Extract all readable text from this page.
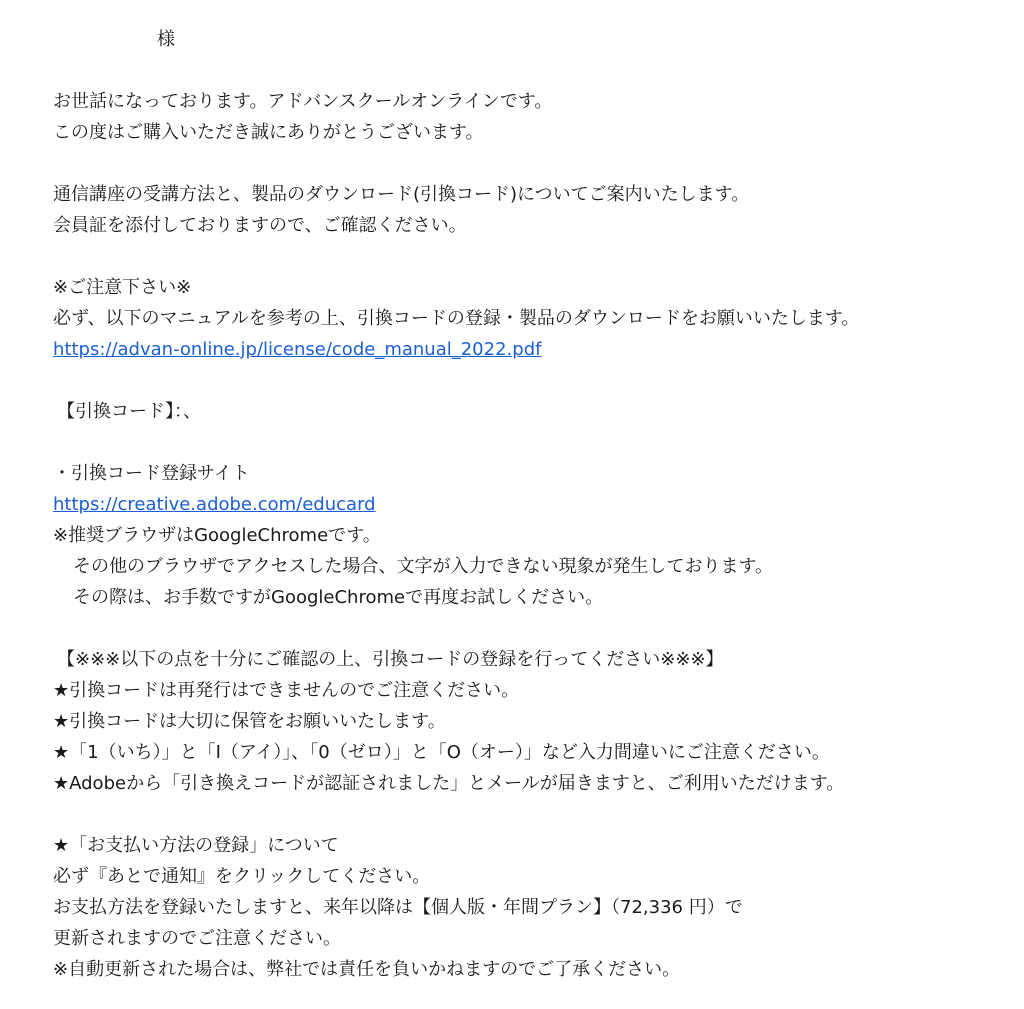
様
お世話になっております。アドバンスクールオンラインです。
この度はご購入いただき誠にありがとうございます。
通信講座の受講方法と、製品のダウンロード(引換コード)についてご案内いたします。
会員証を添付しておりますので、ご確認ください。
※ご注意下さい※
必ず、以下のマニュアルを参考の上、引換コードの登録・製品のダウンロードをお願いいたします。
https://advan-online.jp/license/code_manual_2022.pdf
【引換コード】：、
・引換コード登録サイト
https://creative.adobe.com/educard
※推奨ブラウザはGoogleChromeです。
その他のブラウザでアクセスした場合、文字が入力できない現象が発生しております。
その際は、お手数ですがGoogleChromeで再度お試しください。
【※※※以下の点を十分にご確認の上、引換コードの登録を行ってください※※※】
★引換コードは再発行はできませんのでご注意ください。
★引換コードは大切に保管をお願いいたします。
★「1（いち）」と「I（アイ）」、「0（ゼロ）」と「O（オー）」など入力間違いにご注意ください。
★Adobeから「引き換えコードが認証されました」とメールが届きますと、ご利用いただけます。
★「お支払い方法の登録」について
必ず『あとで通知』をクリックしてください。
お支払方法を登録いたしますと、来年以降は【個人版・年間プラン】（72,336 円）で
更新されますのでご注意ください。
※自動更新された場合は、弊社では責任を負いかねますのでご了承ください。
